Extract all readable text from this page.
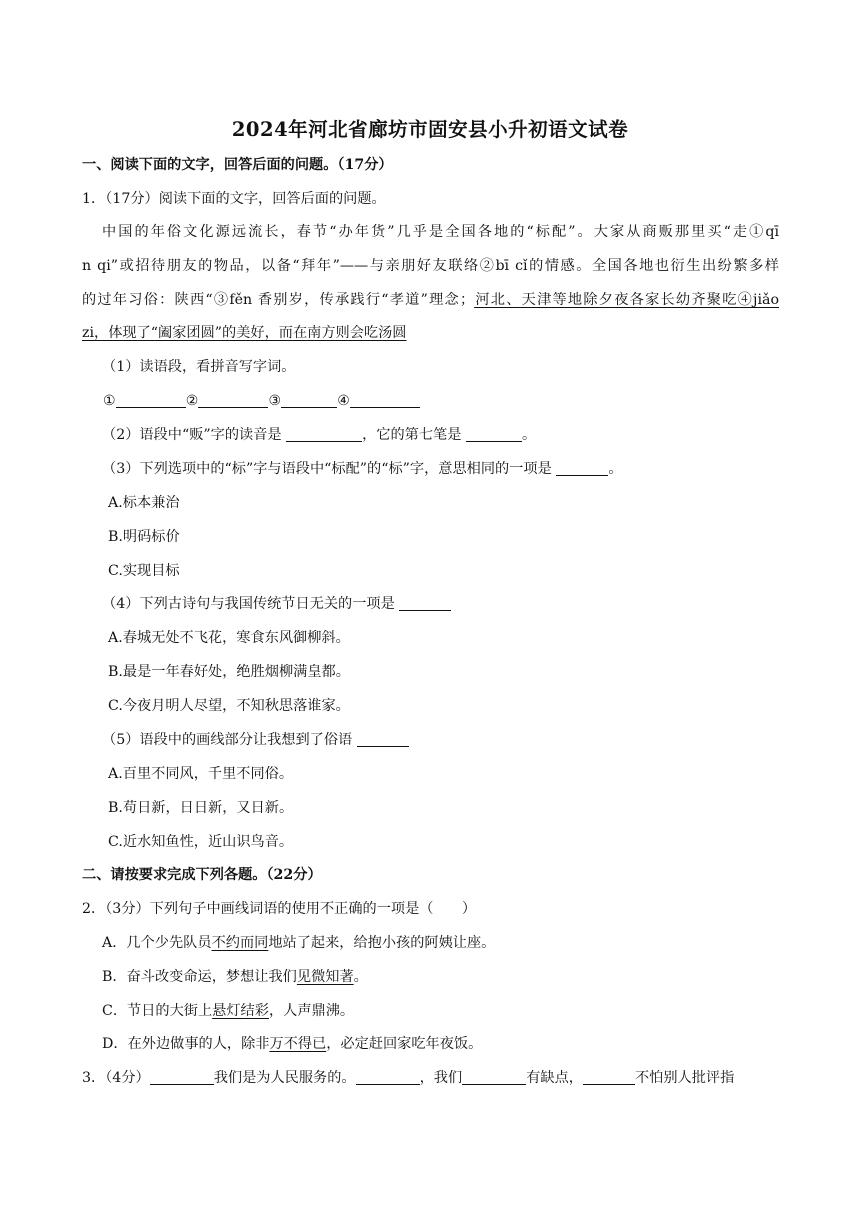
2024年河北省廊坊市固安县小升初语文试卷
一、阅读下面的文字，回答后面的问题。（17分）
1．（17分）阅读下面的文字，回答后面的问题。
中国的年俗文化源远流长，春节“办年货”几乎是全国各地的“标配”。大家从商贩那里买“走①qī
n qi”或招待朋友的物品，以备“拜年”——与亲朋好友联络②bī cǐ的情感。全国各地也衍生出纷繁多样
的过年习俗：陕西“③fěn 香别岁，传承践行“孝道”理念；河北、天津等地除夕夜各家长幼齐聚吃④jiǎo
zi，体现了“阖家团圆”的美好，而在南方则会吃汤圆
（1）读语段，看拼音写字词。
①	②	③	④
（2）语段中“贩”字的读音是	，它的第七笔是	。
（3）下列选项中的“标”字与语段中“标配”的“标”字，意思相同的一项是	。
A.标本兼治
B.明码标价
C.实现目标
（4）下列古诗句与我国传统节日无关的一项是
A.春城无处不飞花，寒食东风御柳斜。
B.最是一年春好处，绝胜烟柳满皇都。
C.今夜月明人尽望，不知秋思落谁家。
（5）语段中的画线部分让我想到了俗语
A.百里不同风，千里不同俗。
B.苟日新，日日新，又日新。
C.近水知鱼性，近山识鸟音。
二、请按要求完成下列各题。（22分）
2．（3分）下列句子中画线词语的使用不正确的一项是（　　）
A．几个少先队员不约而同地站了起来，给抱小孩的阿姨让座。
B．奋斗改变命运，梦想让我们见微知著。
C．节日的大街上悬灯结彩，人声鼎沸。
D．在外边做事的人，除非万不得已，必定赶回家吃年夜饭。
3．（4分）	我们是为人民服务的。	，我们	有缺点，	不怕别人批评指
